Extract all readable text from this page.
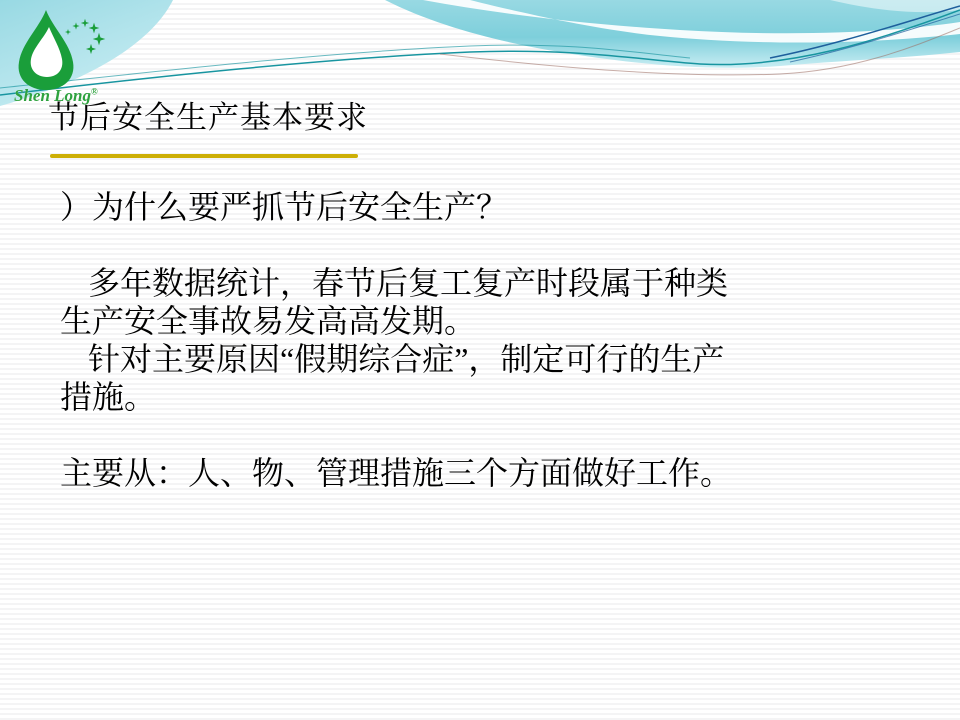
Shen Long®
节后安全生产基本要求
）为什么要严抓节后安全生产？
多年数据统计，春节后复工复产时段属于种类
生产安全事故易发高高发期。
针对主要原因“假期综合症”，制定可行的生产
措施。
主要从：人、物、管理措施三个方面做好工作。
